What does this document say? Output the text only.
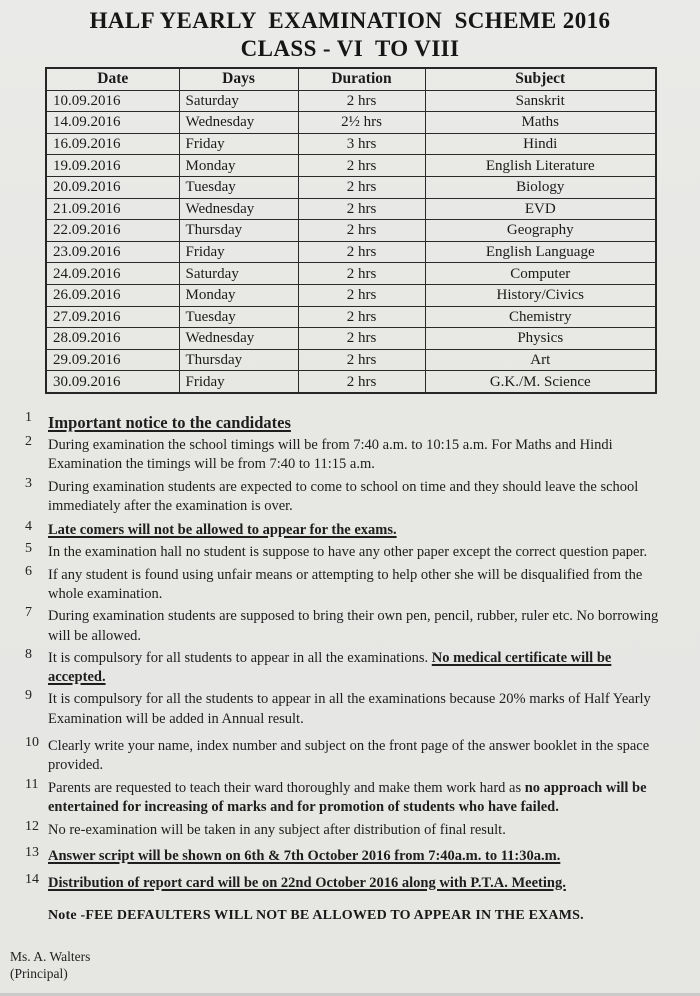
HALF YEARLY  EXAMINATION  SCHEME 2016
CLASS - VI  TO VIII
Date	Days	Duration	Subject
10.09.2016	Saturday	2 hrs	Sanskrit
14.09.2016	Wednesday	2½ hrs	Maths
16.09.2016	Friday	3 hrs	Hindi
19.09.2016	Monday	2 hrs	English Literature
20.09.2016	Tuesday	2 hrs	Biology
21.09.2016	Wednesday	2 hrs	EVD
22.09.2016	Thursday	2 hrs	Geography
23.09.2016	Friday	2 hrs	English Language
24.09.2016	Saturday	2 hrs	Computer
26.09.2016	Monday	2 hrs	History/Civics
27.09.2016	Tuesday	2 hrs	Chemistry
28.09.2016	Wednesday	2 hrs	Physics
29.09.2016	Thursday	2 hrs	Art
30.09.2016	Friday	2 hrs	G.K./M. Science
1 Important notice to the candidates
2	During examination the school timings will be from 7:40 a.m. to 10:15 a.m. For Maths and Hindi Examination the timings will be from 7:40 to 11:15 a.m.
3	During examination students are expected to come to school on time and they should leave the school immediately after the examination is over.
4	Late comers will not be allowed to appear for the exams.
5	In the examination hall no student is suppose to have any other paper except the correct question paper.
6	If any student is found using unfair means or attempting to help other she will be disqualified from the whole examination.
7	During examination students are supposed to bring their own pen, pencil, rubber, ruler etc. No borrowing will be allowed.
8	It is compulsory for all students to appear in all the examinations. No medical certificate will be accepted.
9	It is compulsory for all the students to appear in all the examinations because 20% marks of Half Yearly Examination will be added in Annual result.
10 Clearly write your name, index number and subject on the front page of the answer booklet in the space provided.
11 Parents are requested to teach their ward thoroughly and make them work hard as no approach will be entertained for increasing of marks and for promotion of students who have failed.
12 No re-examination will be taken in any subject after distribution of final result.
13 Answer script will be shown on 6th & 7th October 2016 from 7:40a.m. to 11:30a.m.
14 Distribution of report card will be on 22nd October 2016 along with P.T.A. Meeting.
Note -FEE DEFAULTERS WILL NOT BE ALLOWED TO APPEAR IN THE EXAMS.
Ms. A. Walters
(Principal)
